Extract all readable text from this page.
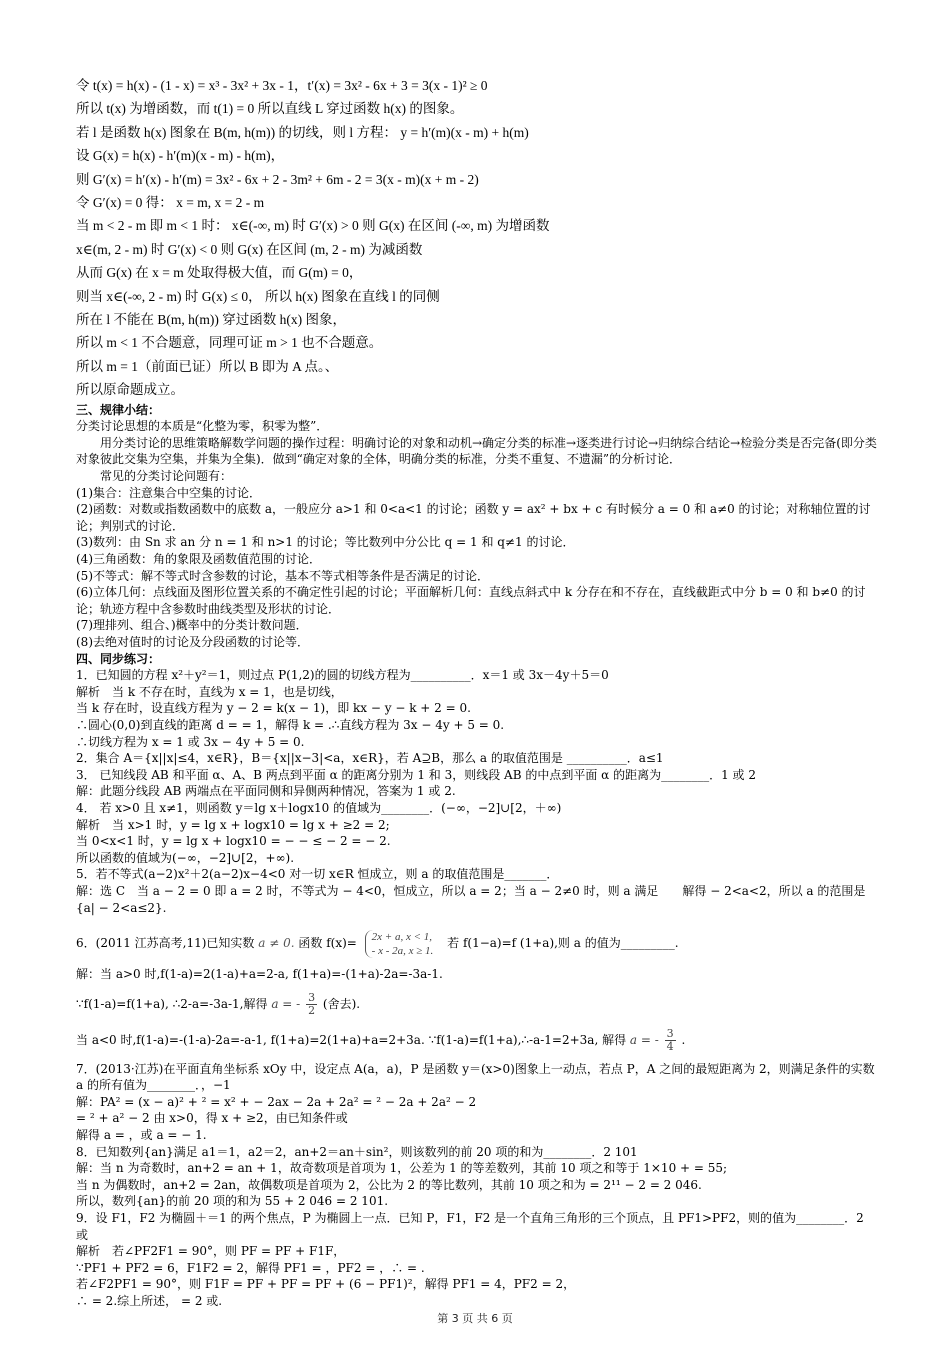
令 t(x) = h(x) - (1 - x) = x³ - 3x² + 3x - 1，t′(x) = 3x² - 6x + 3 = 3(x - 1)² ≥ 0

所以 t(x) 为增函数，而 t(1) = 0 所以直线 L 穿过函数 h(x) 的图象。

若 l 是函数 h(x) 图象在 B(m, h(m)) 的切线，则 l 方程： y = h′(m)(x - m) + h(m)

设 G(x) = h(x) - h′(m)(x - m) - h(m)，

则 G′(x) = h′(x) - h′(m) = 3x² - 6x + 2 - 3m² + 6m - 2 = 3(x - m)(x + m - 2)

令 G′(x) = 0 得： x = m, x = 2 - m

当 m < 2 - m 即 m < 1 时： x∈(-∞, m) 时 G′(x) > 0 则 G(x) 在区间 (-∞, m) 为增函数

x∈(m, 2 - m) 时 G′(x) < 0 则 G(x) 在区间 (m, 2 - m) 为减函数

从而 G(x) 在 x = m 处取得极大值，而 G(m) = 0，

则当 x∈(-∞, 2 - m) 时 G(x) ≤ 0， 所以 h(x) 图象在直线 l 的同侧

所在 l 不能在 B(m, h(m)) 穿过函数 h(x) 图象，

所以 m < 1 不合题意，同理可证 m > 1 也不合题意。

所以 m = 1（前面已证）所以 B 即为 A 点。、

所以原命题成立。

三、规律小结：

分类讨论思想的本质是“化整为零，积零为整”．

用分类讨论的思维策略解数学问题的操作过程：明确讨论的对象和动机→确定分类的标准→逐类进行讨论→归纳综合结论→检验分类是否完备(即分类对象彼此交集为空集，并集为全集)．做到“确定对象的全体，明确分类的标准，分类不重复、不遗漏”的分析讨论．

常见的分类讨论问题有：

(1)集合：注意集合中空集的讨论．

(2)函数：对数或指数函数中的底数 a，一般应分 a>1 和 0<a<1 的讨论；函数 y = ax² + bx + c 有时候分 a = 0 和 a≠0 的讨论；对称轴位置的讨论；判别式的讨论．

(3)数列：由 Sn 求 an 分 n = 1 和 n>1 的讨论；等比数列中分公比 q = 1 和 q≠1 的讨论．

(4)三角函数：角的象限及函数值范围的讨论．

(5)不等式：解不等式时含参数的讨论，基本不等式相等条件是否满足的讨论．

(6)立体几何：点线面及图形位置关系的不确定性引起的讨论；平面解析几何：直线点斜式中 k 分存在和不存在，直线截距式中分 b = 0 和 b≠0 的讨论；轨迹方程中含参数时曲线类型及形状的讨论．

(7)理排列、组合、)概率中的分类计数问题．

(8)去绝对值时的讨论及分段函数的讨论等．

四、同步练习：

1．已知圆的方程 x²＋y²＝1，则过点 P(1,2)的圆的切线方程为__________．x＝1 或 3x－4y＋5＝0

解析　当 k 不存在时，直线为 x = 1，也是切线，

当 k 存在时，设直线方程为 y − 2 = k(x − 1)，即 kx − y − k + 2 = 0.

∴圆心(0,0)到直线的距离 d = = 1，解得 k = .∴直线方程为 3x − 4y + 5 = 0.

∴切线方程为 x = 1 或 3x − 4y + 5 = 0.

2．集合 A＝{x||x|≤4，x∈R}，B＝{x||x−3|<a，x∈R}，若 A⊇B，那么 a 的取值范围是 __________．a≤1

3． 已知线段 AB 和平面 α、A、B 两点到平面 α 的距离分别为 1 和 3，则线段 AB 的中点到平面 α 的距离为________．1 或 2

解：此题分线段 AB 两端点在平面同侧和异侧两种情况，答案为 1 或 2.

4． 若 x>0 且 x≠1，则函数 y＝lg x＋logx10 的值域为________．(−∞，−2]∪[2，＋∞)

解析　当 x>1 时，y = lg x + logx10 = lg x + ≥2 = 2;

当 0<x<1 时，y = lg x + logx10 = − − ≤ − 2 = − 2.

所以函数的值域为(−∞，−2]∪[2，+∞).

5．若不等式(a−2)x²＋2(a−2)x−4<0 对一切 x∈R 恒成立，则 a 的取值范围是_______．

解：选 C　当 a − 2 = 0 即 a = 2 时，不等式为 − 4<0，恒成立，所以 a = 2；当 a − 2≠0 时，则 a 满足　　解得 − 2<a<2，所以 a 的范围是{a| − 2<a≤2}.

6．(2011 江苏高考,11)已知实数 a ≠ 0. 函数 f(x)= 2x + a, x < 1,
- x - 2a, x ≥ 1.
若 f(1−a)=f (1+a),则 a 的值为_________.

解：当 a>0 时,f(1-a)=2(1-a)+a=2-a, f(1+a)=-(1+a)-2a=-3a-1.

∵f(1-a)=f(1+a), ∴2-a=-3a-1,解得 a = - $\frac{3}{2}$ (舍去).

当 a<0 时,f(1-a)=-(1-a)-2a=-a-1, f(1+a)=2(1+a)+a=2+3a. ∵f(1-a)=f(1+a),∴-a-1=2+3a, 解得 a = - $\frac{3}{4}$ .

7．(2013·江苏)在平面直角坐标系 xOy 中，设定点 A(a，a)，P 是函数 y＝(x>0)图象上一动点，若点 P，A 之间的最短距离为 2，则满足条件的实数 a 的所有值为________．，−1

解：PA² = (x − a)² + ² = x² + − 2ax − 2a + 2a² = ² − 2a + 2a² − 2

= ² + a² − 2 由 x>0，得 x + ≥2，由已知条件或

解得 a = ，或 a = − 1.

8．已知数列{an}满足 a1＝1，a2＝2，an+2＝an＋sin²，则该数列的前 20 项的和为________．2 101

解：当 n 为奇数时，an+2 = an + 1，故奇数项是首项为 1，公差为 1 的等差数列，其前 10 项之和等于 1×10 + = 55;

当 n 为偶数时，an+2 = 2an，故偶数项是首项为 2，公比为 2 的等比数列，其前 10 项之和为 = 2¹¹ − 2 = 2 046.

所以，数列{an}的前 20 项的和为 55 + 2 046 = 2 101.

9．设 F1，F2 为椭圆＋＝1 的两个焦点，P 为椭圆上一点．已知 P，F1，F2 是一个直角三角形的三个顶点，且 PF1>PF2，则的值为________．2 或

解析　若∠PF2F1 = 90°，则 PF = PF + F1F，

∵PF1 + PF2 = 6，F1F2 = 2，解得 PF1 = ，PF2 = ，∴ = .

若∠F2PF1 = 90°，则 F1F = PF + PF = PF + (6 − PF1)²，解得 PF1 = 4，PF2 = 2，

∴ = 2.综上所述， = 2 或.

第 3 页 共 6 页
